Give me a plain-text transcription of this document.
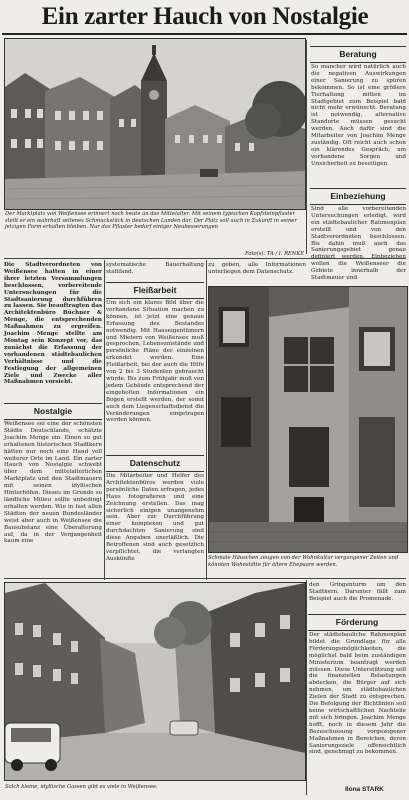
Ein zarter Hauch von Nostalgie
Der Marktplatz von Weißensee erinnert noch heute an das Mittelalter. Mit seinem typischen Kopfsteinpflaster stellt er ein wahrhaft seltenes Schmuckstück in deutschen Landen dar. Der Platz soll auch in Zukunft in seiner jetzigen Form erhalten bleiben. Nur das Pflaster bedarf einiger Neubesserungen
Foto(s): TA / I. RENKE
Beratung
So mancher wird natürlich auch die negativen Auswirkungen einer Sanierung zu spüren bekommen. So ist eine größere Tierhaltung mitten im Stadtgebiet zum Beispiel bald nicht mehr erwünscht. Beratung ist notwendig, alternative Standorte müssen gesucht werden. Auch dafür sind die Mitarbeiter von Joachim Menge zuständig. Oft reicht auch schon ein klärendes Gespräch, um vorhandene Sorgen und Unsicherheit zu beseitigen.
Einbeziehung
Sind alle vorbereitenden Untersuchungen erledigt, wird ein städtebaulicher Rahmenplan erstellt und von den Stadtverordneten beschlossen. Bis dahin muß auch das Sanierungsgebiet genau wollen die Weißenseer die Gebiete innerhalb der Stadtmauer und
Die Stadtverordneten von Weißensee hatten in einer ihrer letzten Versammlungen beschlossen, vorbereitende Untersuchungen für die Stadtsanierung durchführen zu lassen. Sie beauftragten das Architektenbüro Büchner & Menge, die entsprechenden Maßnahmen zu ergreifen. Joachim Menge stellte am Montag sein Konzept vor, das zunächst die Erfassung der vorhandenen städtebaulichen Verhältnisse und die Festlegung der allgemeinen Ziele und Zwecke aller Maßnahmen vorsieht.
Nostalgie
Weißensee sei eine der schönsten Städte Deutschlands, schätzte Joachim Menge ein. Einen so gut erhaltenen historischen Stadtkern hätten nur noch eine Hand voll weiterer Orte im Land. Ein zarter Hauch von Nostalgie schwebt über dem mittelalterlichen Marktplatz und den Stadtmauern mit seinen idyllischen Hinterhöfen. Dieses im Grunde so ländliche Milieu sollte unbedingt erhalten werden. Wie in fast allen Städten der neuen Bundesländer weist aber auch in Weißensee die Bausubstanz eine Überalterung auf, da in der Vergangenheit kaum eine
systematische Bauerhaltung stattfand.
Fleißarbeit
Um sich ein klares Bild über die vorhandene Situation machen zu können, ist jetzt eine genaue Erfassung des Bestandes notwendig. Mit Hauseigentümern und Mietern von Weißensee muß gesprochen, Lebensumstände und persönliche Pläne der einzelnen erkundet werden. Eine Fleißarbeit, bei der auch die Hilfe von 2 bis 3 Studenten gebraucht würde. Bis zum Frühjahr muß von jedem Gebäude entsprechend der eingeholten Informationen ein Bogen erstellt werden, der somit auch dem Liegenschaftsdienst die Veränderungen eingetragen werden können.
Datenschutz
Die Mitarbeiter und Helfer des Architektenbüros werden viele persönliche Daten erfragen, jedes Haus fotografieren und eine Zeichnung erstellen. Das mag sicherlich einigen unangenehm sein. Aber zur Durchführung einer komplexen und gut durchdachten Sanierung sind diese Angaben unerläßlich. Die Betroffenen sind auch gesetzlich verpflichtet, die verlangten Auskünfte
zu geben, alle Informationen unterliegen dem Datenschutz.
Schmale Häuschen zeugen von der Wohnkultur vergangener Zeiten und könnten Wohnstätte für ältere Ehepaare werden.
Solch kleine, idyllische Gassen gibt es viele in Weißensee.
den Gringenturm um den Stadtkern. Darunter fällt zum Beispiel auch die Promenade.
Förderung
Der städtebauliche Rahmenplan bildet die Grundlage für alle Förderungsmöglichkeiten, die möglichst bald beim zuständigen Ministerium beantragt werden müssen. Diese Unterstützung soll die finanziellen Belastungen abdecken, die Bürger auf sich nehmen, um städtebaulichen Zielen der Stadt zu entsprechen. Die Befolgung der Richtlinien soll keine wirtschaftlichen Nachteile mit sich bringen. Joachim Menge hofft, noch in diesem Jahr die Bezuschussung vorgezogener Maßnahmen in Bereichen, deren Sanierungsziele offensichtlich sind, genehmigt zu bekommen.
Ilona STARK
